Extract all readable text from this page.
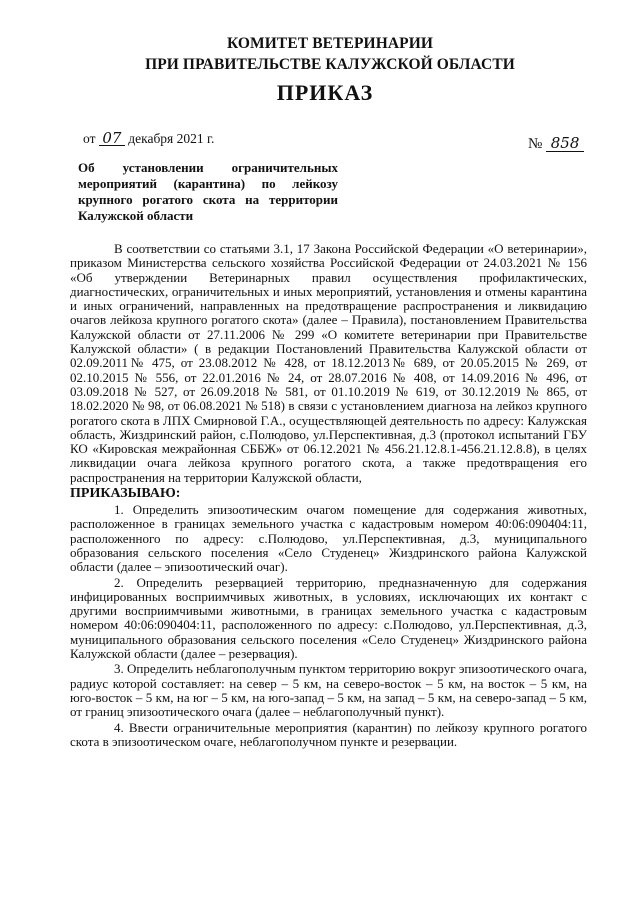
КОМИТЕТ ВЕТЕРИНАРИИ
ПРИ ПРАВИТЕЛЬСТВЕ КАЛУЖСКОЙ ОБЛАСТИ
ПРИКАЗ
от 07 декабря 2021 г.	№ 858
Об установлении ограничительных мероприятий (карантина) по лейкозу крупного рогатого скота на территории Калужской области

В соответствии со статьями 3.1, 17 Закона Российской Федерации «О ветеринарии», приказом Министерства сельского хозяйства Российской Федерации от 24.03.2021 № 156 «Об утверждении Ветеринарных правил осуществления профилактических, диагностических, ограничительных и иных мероприятий, установления и отмены карантина и иных ограничений, направленных на предотвращение распространения и ликвидацию очагов лейкоза крупного рогатого скота» (далее – Правила), постановлением Правительства Калужской области от 27.11.2006 № 299 «О комитете ветеринарии при Правительстве Калужской области» ( в редакции Постановлений Правительства Калужской области от 02.09.2011№ 475, от 23.08.2012 № 428, от 18.12.2013№ 689, от 20.05.2015 № 269, от 02.10.2015 № 556, от 22.01.2016 № 24, от 28.07.2016 № 408, от 14.09.2016 № 496, от 03.09.2018 № 527, от 26.09.2018 № 581, от 01.10.2019 № 619, от 30.12.2019 № 865, от 18.02.2020 № 98, от 06.08.2021 № 518) в связи с установлением диагноза на лейкоз крупного рогатого скота в ЛПХ Смирновой Г.А., осуществляющей деятельность по адресу: Калужская область, Жиздринский район, с.Полюдово, ул.Перспективная, д.3 (протокол испытаний ГБУ КО «Кировская межрайонная СББЖ» от 06.12.2021 № 456.21.12.8.1-456.21.12.8.8), в целях ликвидации очага лейкоза крупного рогатого скота, а также предотвращения его распространения на территории Калужской области,

ПРИКАЗЫВАЮ:

1. Определить эпизоотическим очагом помещение для содержания животных, расположенное в границах земельного участка с кадастровым номером 40:06:090404:11, расположенного по адресу: с.Полюдово, ул.Перспективная, д.3, муниципального образования сельского поселения «Село Студенец» Жиздринского района Калужской области (далее – эпизоотический очаг).

2. Определить резервацией территорию, предназначенную для содержания инфицированных восприимчивых животных, в условиях, исключающих их контакт с другими восприимчивыми животными, в границах земельного участка с кадастровым номером 40:06:090404:11, расположенного по адресу: с.Полюдово, ул.Перспективная, д.3, муниципального образования сельского поселения «Село Студенец» Жиздринского района Калужской области (далее – резервация).

3. Определить неблагополучным пунктом территорию вокруг эпизоотического очага, радиус которой составляет: на север – 5 км, на северо-восток – 5 км, на восток – 5 км, на юго-восток – 5 км, на юг – 5 км, на юго-запад – 5 км, на запад – 5 км, на северо-запад – 5 км, от границ эпизоотического очага (далее – неблагополучный пункт).

4. Ввести ограничительные мероприятия (карантин) по лейкозу крупного рогатого скота в эпизоотическом очаге, неблагополучном пункте и резервации.
